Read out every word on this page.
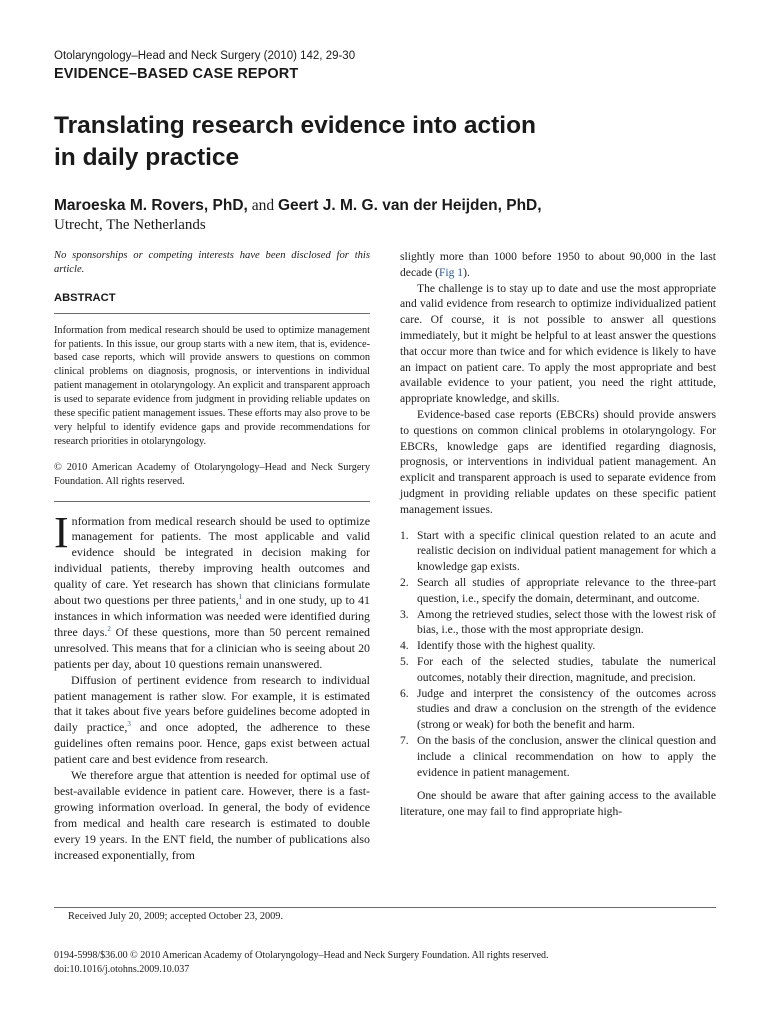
Otolaryngology–Head and Neck Surgery (2010) 142, 29-30
EVIDENCE–BASED CASE REPORT
Translating research evidence into action
in daily practice
Maroeska M. Rovers, PhD, and Geert J. M. G. van der Heijden, PhD,
Utrecht, The Netherlands
No sponsorships or competing interests have been disclosed for this article.
ABSTRACT

Information from medical research should be used to optimize management for patients. In this issue, our group starts with a new item, that is, evidence-based case reports, which will provide answers to questions on common clinical problems on diagnosis, prognosis, or interventions in individual patient management in otolaryngology. An explicit and transparent approach is used to separate evidence from judgment in providing reliable updates on these specific patient management issues. These efforts may also prove to be very helpful to identify evidence gaps and provide recommendations for research priorities in otolaryngology.

© 2010 American Academy of Otolaryngology–Head and Neck Surgery Foundation. All rights reserved.

Information from medical research should be used to optimize management for patients. The most applicable and valid evidence should be integrated in decision making for individual patients, thereby improving health outcomes and quality of care. Yet research has shown that clinicians formulate about two questions per three patients,$^1$ and in one study, up to 41 instances in which information was needed were identified during three days.$^2$ Of these questions, more than 50 percent remained unresolved. This means that for a clinician who is seeing about 20 patients per day, about 10 questions remain unanswered.

Diffusion of pertinent evidence from research to individual patient management is rather slow. For example, it is estimated that it takes about five years before guidelines become adopted in daily practice,$^3$ and once adopted, the adherence to these guidelines often remains poor. Hence, gaps exist between actual patient care and best evidence from research.

We therefore argue that attention is needed for optimal use of best-available evidence in patient care. However, there is a fast-growing information overload. In general, the body of evidence from medical and health care research is estimated to double every 19 years. In the ENT field, the number of publications also increased exponentially, from

slightly more than 1000 before 1950 to about 90,000 in the last decade (Fig 1).

The challenge is to stay up to date and use the most appropriate and valid evidence from research to optimize individualized patient care. Of course, it is not possible to answer all questions immediately, but it might be helpful to at least answer the questions that occur more than twice and for which evidence is likely to have an impact on patient care. To apply the most appropriate and best available evidence to your patient, you need the right attitude, appropriate knowledge, and skills.

Evidence-based case reports (EBCRs) should provide answers to questions on common clinical problems in otolaryngology. For EBCRs, knowledge gaps are identified regarding diagnosis, prognosis, or interventions in individual patient management. An explicit and transparent approach is used to separate evidence from judgment in providing reliable updates on these specific patient management issues.

1. Start with a specific clinical question related to an acute and realistic decision on individual patient management for which a knowledge gap exists.
2. Search all studies of appropriate relevance to the three-part question, i.e., specify the domain, determinant, and outcome.
3. Among the retrieved studies, select those with the lowest risk of bias, i.e., those with the most appropriate design.
4. Identify those with the highest quality.
5. For each of the selected studies, tabulate the numerical outcomes, notably their direction, magnitude, and precision.
6. Judge and interpret the consistency of the outcomes across studies and draw a conclusion on the strength of the evidence (strong or weak) for both the benefit and harm.
7. On the basis of the conclusion, answer the clinical question and include a clinical recommendation on how to apply the evidence in patient management.

One should be aware that after gaining access to the available literature, one may fail to find appropriate high-

Received July 20, 2009; accepted October 23, 2009.
0194-5998/$36.00 © 2010 American Academy of Otolaryngology–Head and Neck Surgery Foundation. All rights reserved.
doi:10.1016/j.otohns.2009.10.037
